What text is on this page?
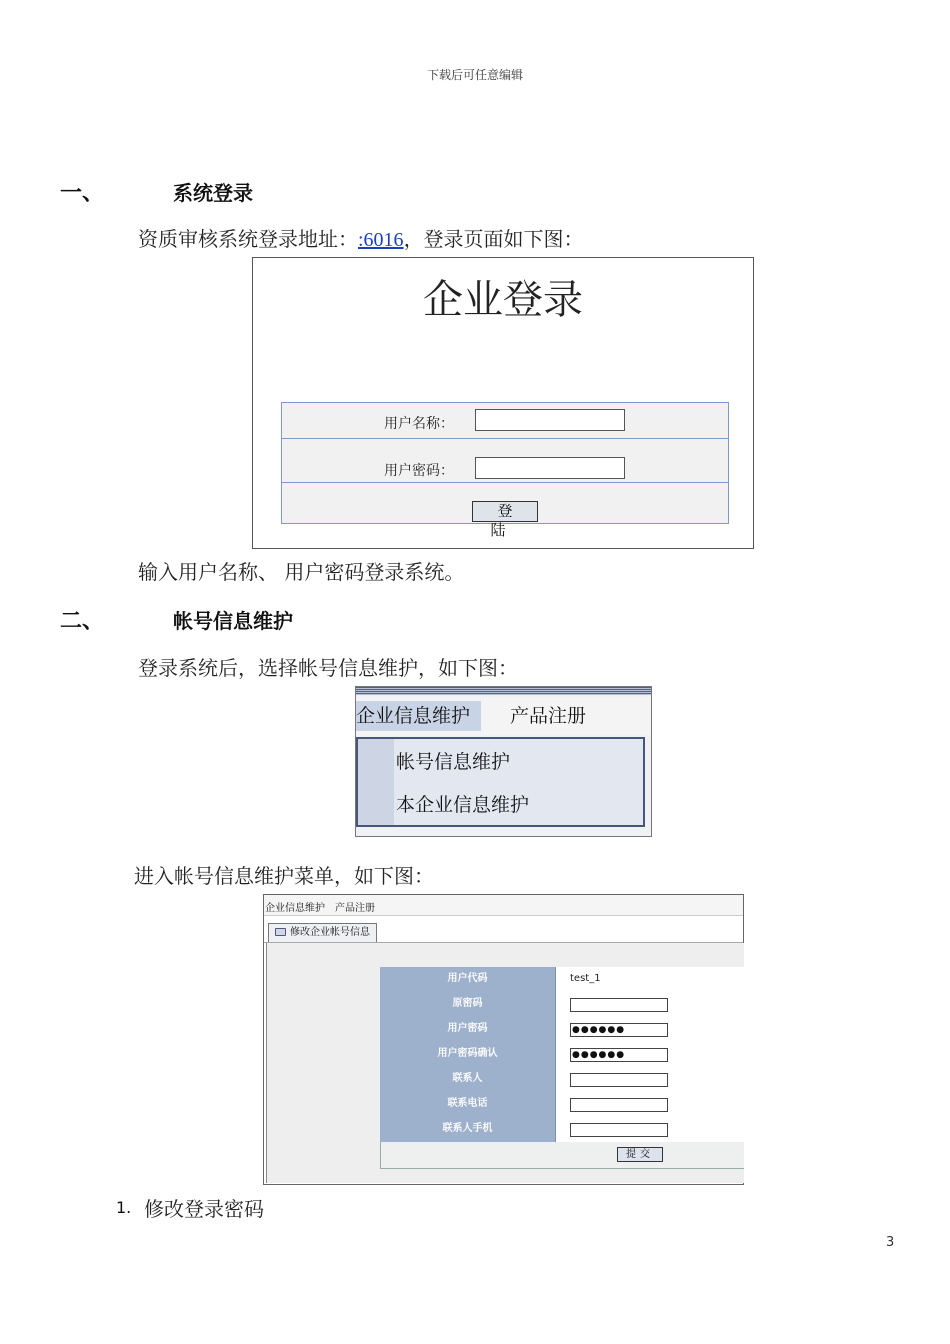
下载后可任意编辑
一、	系统登录
资质审核系统登录地址：:6016，登录页面如下图：
企业登录
用户名称：
用户密码：
登陆
输入用户名称、 用户密码登录系统。
二、	帐号信息维护
登录系统后，选择帐号信息维护，如下图：
企业信息维护	产品注册
帐号信息维护
本企业信息维护
进入帐号信息维护菜单，如下图：
企业信息维护 产品注册
修改企业帐号信息
用户代码	test_1
原密码
用户密码	●●●●●●
用户密码确认	●●●●●●
联系人
联系电话
联系人手机
提交
1. 修改登录密码
3
